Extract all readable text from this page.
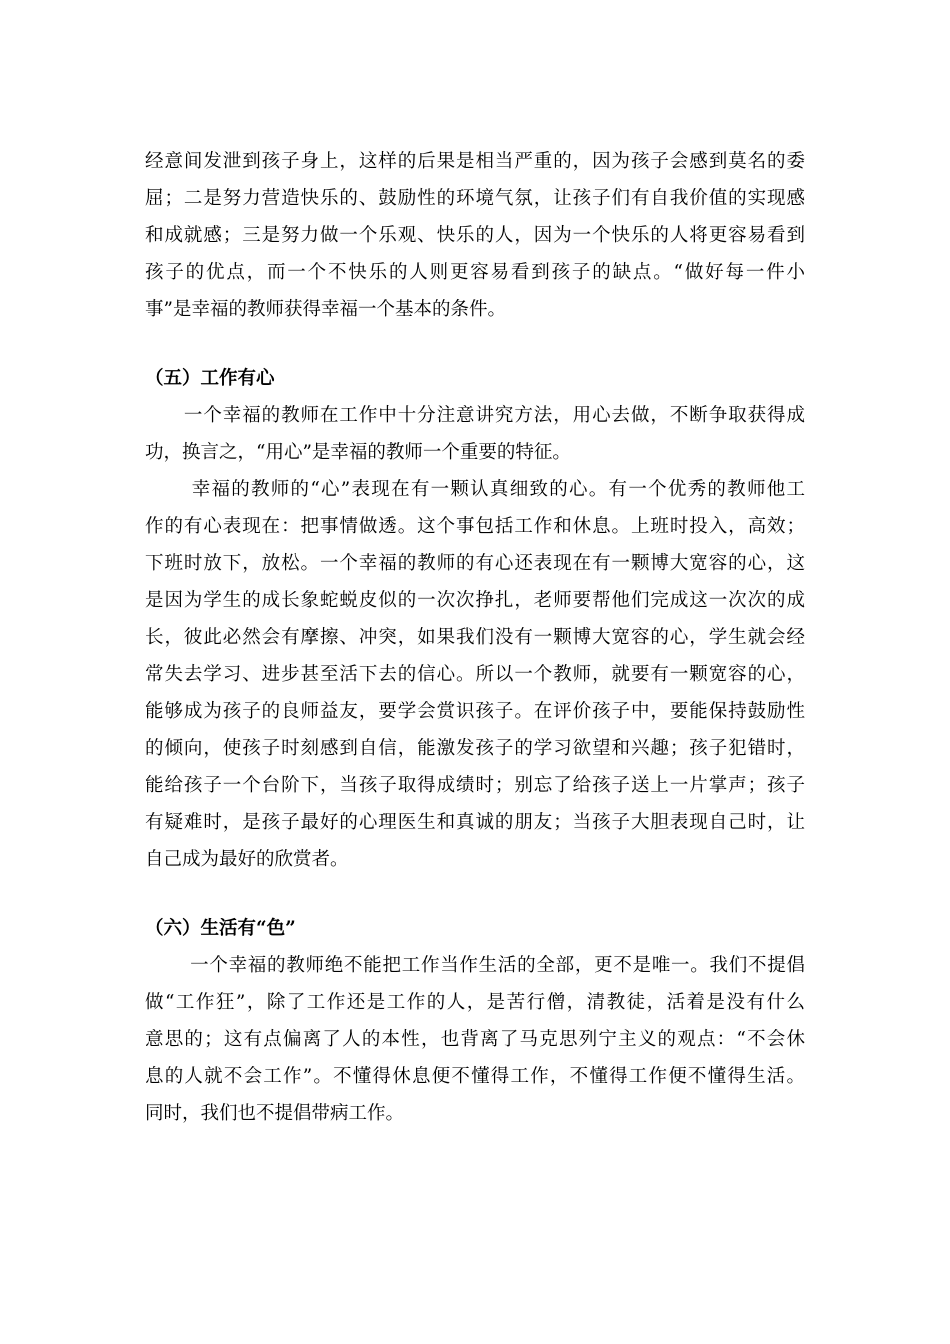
经意间发泄到孩子身上，这样的后果是相当严重的，因为孩子会感到莫名的委
屈；二是努力营造快乐的、鼓励性的环境气氛，让孩子们有自我价值的实现感
和成就感；三是努力做一个乐观、快乐的人，因为一个快乐的人将更容易看到
孩子的优点，而一个不快乐的人则更容易看到孩子的缺点。“做好每一件小
事”是幸福的教师获得幸福一个基本的条件。
（五）工作有心
　　一个幸福的教师在工作中十分注意讲究方法，用心去做，不断争取获得成
功，换言之，“用心”是幸福的教师一个重要的特征。
　　 幸福的教师的“心”表现在有一颗认真细致的心。有一个优秀的教师他工
作的有心表现在：把事情做透。这个事包括工作和休息。上班时投入，高效；
下班时放下，放松。一个幸福的教师的有心还表现在有一颗博大宽容的心，这
是因为学生的成长象蛇蜕皮似的一次次挣扎，老师要帮他们完成这一次次的成
长，彼此必然会有摩擦、冲突，如果我们没有一颗博大宽容的心，学生就会经
常失去学习、进步甚至活下去的信心。所以一个教师，就要有一颗宽容的心，
能够成为孩子的良师益友，要学会赏识孩子。在评价孩子中，要能保持鼓励性
的倾向，使孩子时刻感到自信，能激发孩子的学习欲望和兴趣；孩子犯错时，
能给孩子一个台阶下，当孩子取得成绩时；别忘了给孩子送上一片掌声；孩子
有疑难时，是孩子最好的心理医生和真诚的朋友；当孩子大胆表现自己时，让
自己成为最好的欣赏者。
（六）生活有“色”
　　 一个幸福的教师绝不能把工作当作生活的全部，更不是唯一。我们不提倡
做“工作狂”，除了工作还是工作的人，是苦行僧，清教徒，活着是没有什么
意思的；这有点偏离了人的本性，也背离了马克思列宁主义的观点：“不会休
息的人就不会工作”。不懂得休息便不懂得工作，不懂得工作便不懂得生活。
同时，我们也不提倡带病工作。
